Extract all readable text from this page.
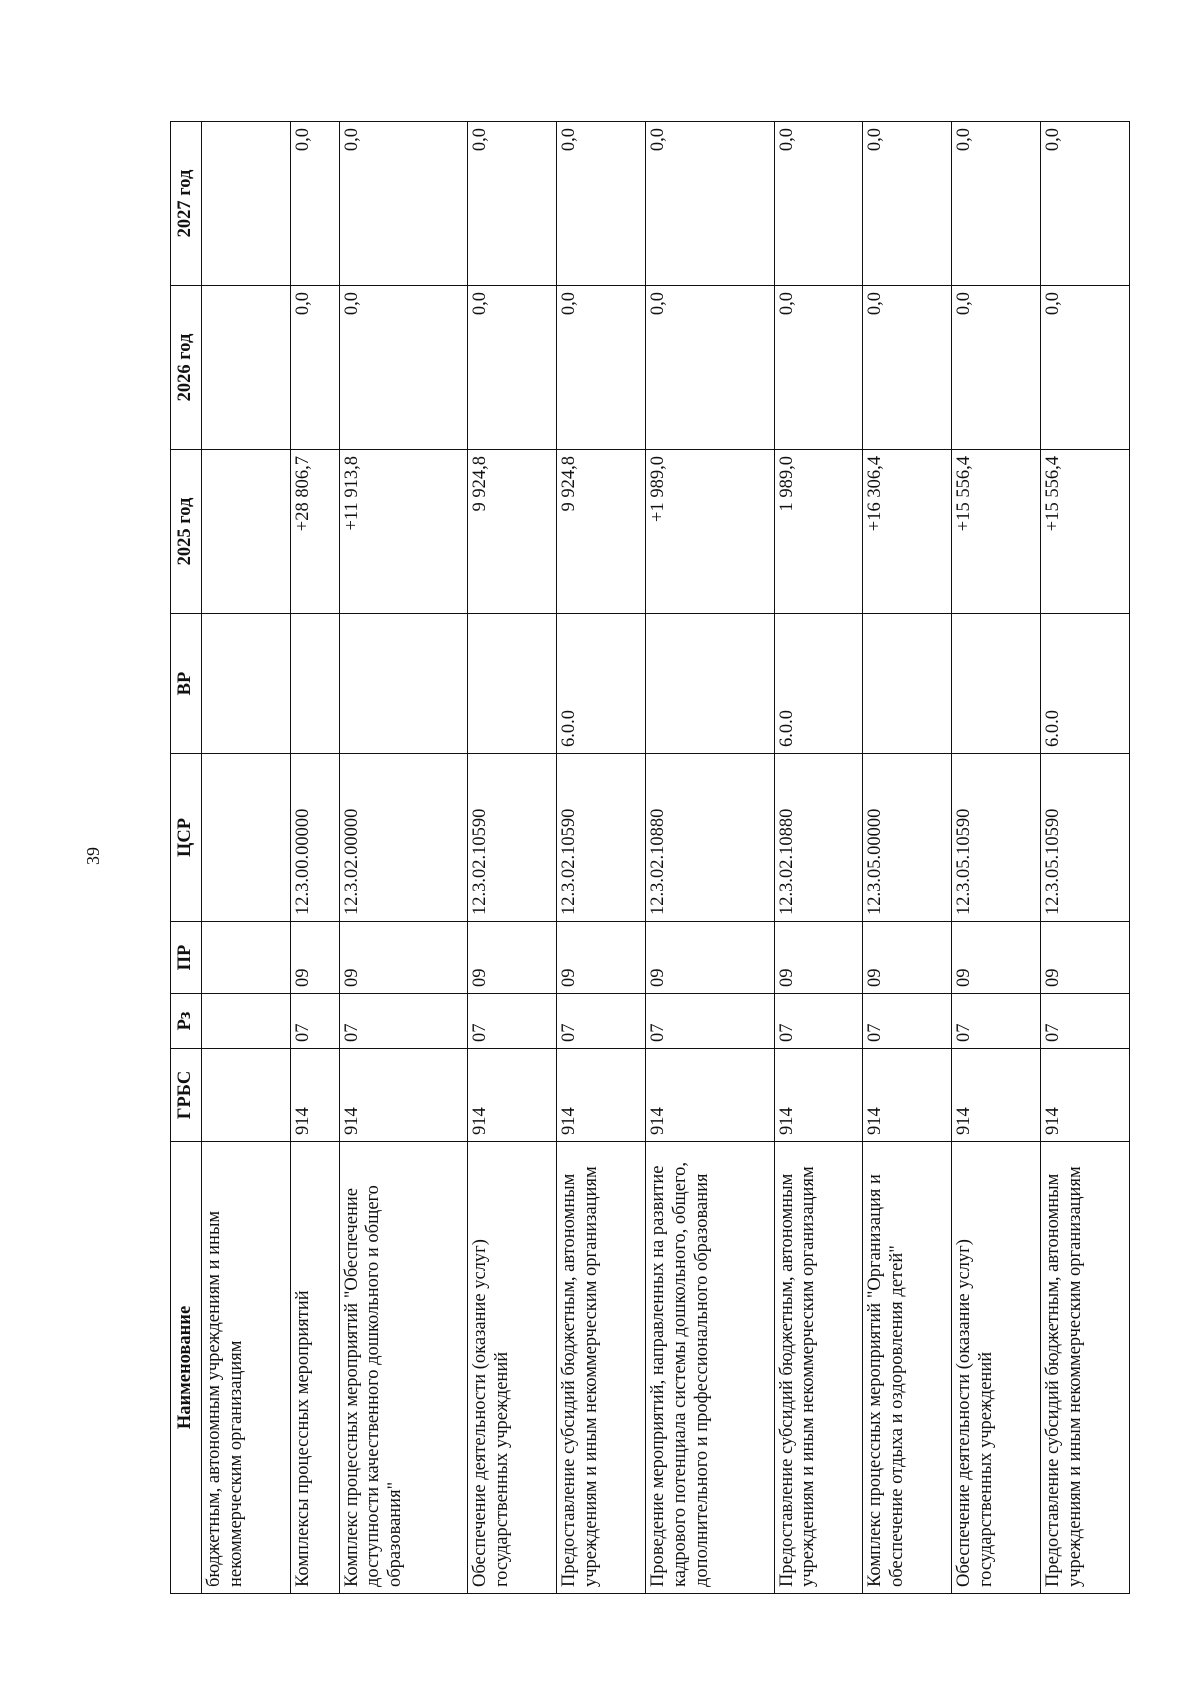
39
Наименование	ГРБС	Рз	ПР	ЦСР	ВР	2025 год	2026 год	2027 год
бюджетным, автономным учреждениям и иным некоммерческим организациям								
Комплексы процессных мероприятий	914	07	09	12.3.00.00000		+28 806,7	0,0	0,0
Комплекс процессных мероприятий "Обеспечение доступности качественного дошкольного и общего образования"	914	07	09	12.3.02.00000		+11 913,8	0,0	0,0
Обеспечение деятельности (оказание услуг) государственных учреждений	914	07	09	12.3.02.10590		9 924,8	0,0	0,0
Предоставление субсидий бюджетным, автономным учреждениям и иным некоммерческим организациям	914	07	09	12.3.02.10590	6.0.0	9 924,8	0,0	0,0
Проведение мероприятий, направленных на развитие кадрового потенциала системы дошкольного, общего, дополнительного и профессионального образования	914	07	09	12.3.02.10880		+1 989,0	0,0	0,0
Предоставление субсидий бюджетным, автономным учреждениям и иным некоммерческим организациям	914	07	09	12.3.02.10880	6.0.0	1 989,0	0,0	0,0
Комплекс процессных мероприятий "Организация и обеспечение отдыха и оздоровления детей"	914	07	09	12.3.05.00000		+16 306,4	0,0	0,0
Обеспечение деятельности (оказание услуг) государственных учреждений	914	07	09	12.3.05.10590		+15 556,4	0,0	0,0
Предоставление субсидий бюджетным, автономным учреждениям и иным некоммерческим организациям	914	07	09	12.3.05.10590	6.0.0	+15 556,4	0,0	0,0
